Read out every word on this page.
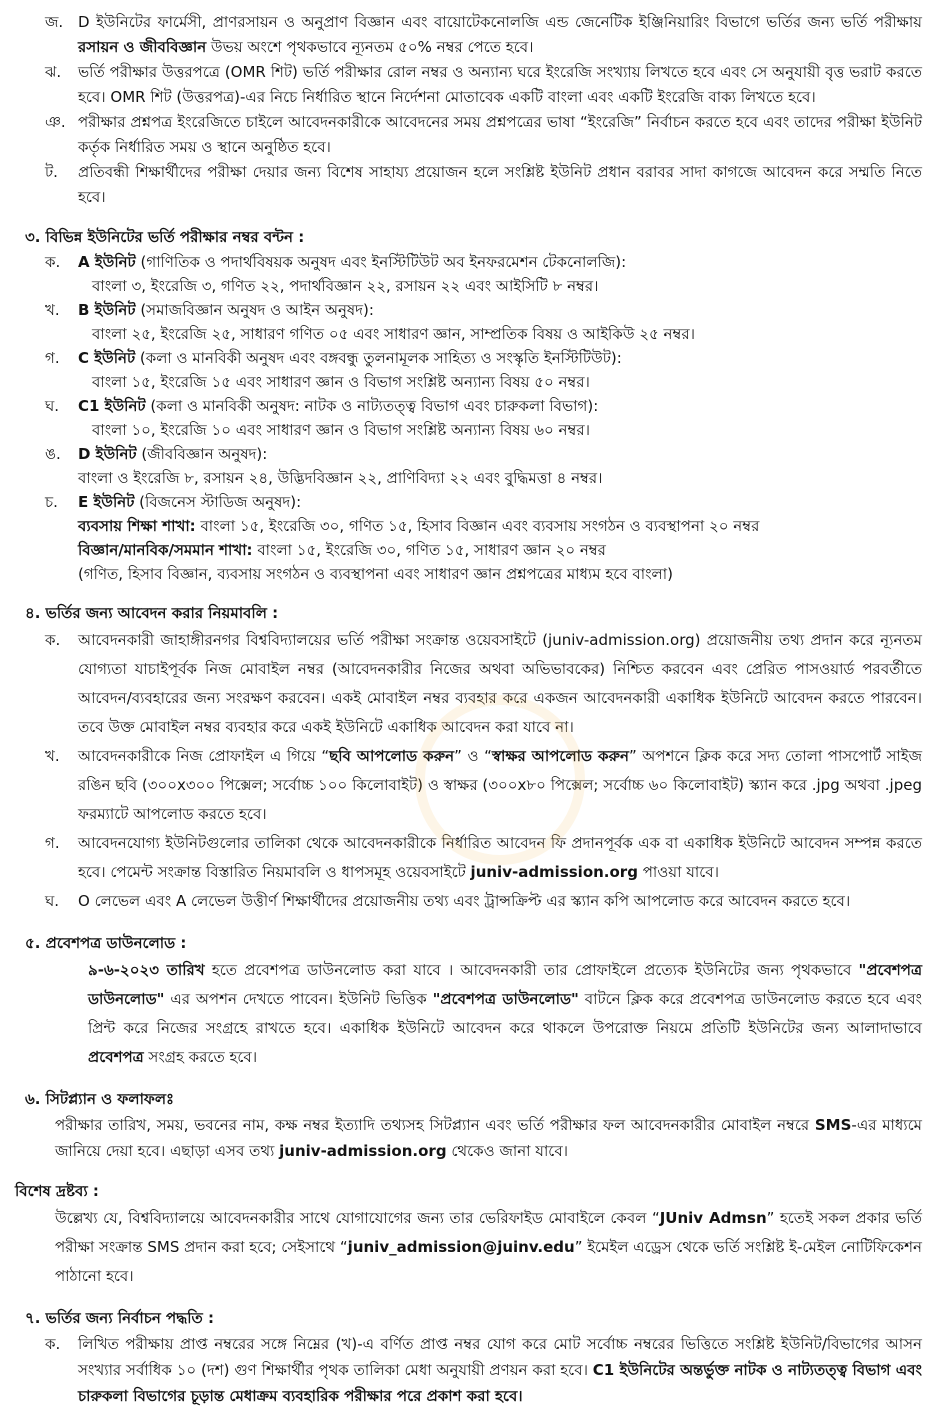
জ. D ইউনিটের ফার্মেসী, প্রাণরসায়ন ও অনুপ্রাণ বিজ্ঞান এবং বায়োটেকনোলজি এন্ড জেনেটিক ইঞ্জিনিয়ারিং বিভাগে ভর্তির জন্য ভর্তি পরীক্ষায় রসায়ন ও জীববিজ্ঞান উভয় অংশে পৃথকভাবে ন্যূনতম ৫০% নম্বর পেতে হবে।
ঝ.	ভর্তি পরীক্ষার উত্তরপত্রে (OMR শিট) ভর্তি পরীক্ষার রোল নম্বর ও অন্যান্য ঘরে ইংরেজি সংখ্যায় লিখতে হবে এবং সে অনুযায়ী বৃত্ত ভরাট করতে হবে। OMR শিট (উত্তরপত্র)-এর নিচে নির্ধারিত স্থানে নির্দেশনা মোতাবেক একটি বাংলা এবং একটি ইংরেজি বাক্য লিখতে হবে।
ঞ. পরীক্ষার প্রশ্নপত্র ইংরেজিতে চাইলে আবেদনকারীকে আবেদনের সময় প্রশ্নপত্রের ভাষা “ইংরেজি” নির্বাচন করতে হবে এবং তাদের পরীক্ষা ইউনিট কর্তৃক নির্ধারিত সময় ও স্থানে অনুষ্ঠিত হবে।
ট.	প্রতিবন্ধী শিক্ষার্থীদের পরীক্ষা দেয়ার জন্য বিশেষ সাহায্য প্রয়োজন হলে সংশ্লিষ্ট ইউনিট প্রধান বরাবর সাদা কাগজে আবেদন করে সম্মতি নিতে হবে।
৩. বিভিন্ন ইউনিটের ভর্তি পরীক্ষার নম্বর বন্টন :
ক.	A ইউনিট (গাণিতিক ও পদার্থবিষয়ক অনুষদ এবং ইনস্টিটিউট অব ইনফরমেশন টেকনোলজি):
বাংলা ৩, ইংরেজি ৩, গণিত ২২, পদার্থবিজ্ঞান ২২, রসায়ন ২২ এবং আইসিটি ৮ নম্বর।
খ.	B ইউনিট (সমাজবিজ্ঞান অনুষদ ও আইন অনুষদ):
বাংলা ২৫, ইংরেজি ২৫, সাধারণ গণিত ০৫ এবং সাধারণ জ্ঞান, সাম্প্রতিক বিষয় ও আইকিউ ২৫ নম্বর।
গ.	C ইউনিট (কলা ও মানবিকী অনুষদ এবং বঙ্গবন্ধু তুলনামূলক সাহিত্য ও সংস্কৃতি ইনস্টিটিউট):
বাংলা ১৫, ইংরেজি ১৫ এবং সাধারণ জ্ঞান ও বিভাগ সংশ্লিষ্ট অন্যান্য বিষয় ৫০ নম্বর।
ঘ.	C1 ইউনিট (কলা ও মানবিকী অনুষদ: নাটক ও নাট্যতত্ত্ব বিভাগ এবং চারুকলা বিভাগ):
বাংলা ১০, ইংরেজি ১০ এবং সাধারণ জ্ঞান ও বিভাগ সংশ্লিষ্ট অন্যান্য বিষয় ৬০ নম্বর।
ঙ.	D ইউনিট (জীববিজ্ঞান অনুষদ):
বাংলা ও ইংরেজি ৮, রসায়ন ২৪, উদ্ভিদবিজ্ঞান ২২, প্রাণিবিদ্যা ২২ এবং বুদ্ধিমত্তা ৪ নম্বর।
চ.	E ইউনিট (বিজনেস স্টাডিজ অনুষদ):
ব্যবসায় শিক্ষা শাখা: বাংলা ১৫, ইংরেজি ৩০, গণিত ১৫, হিসাব বিজ্ঞান এবং ব্যবসায় সংগঠন ও ব্যবস্থাপনা ২০ নম্বর
বিজ্ঞান/মানবিক/সমমান শাখা: বাংলা ১৫, ইংরেজি ৩০, গণিত ১৫, সাধারণ জ্ঞান ২০ নম্বর
(গণিত, হিসাব বিজ্ঞান, ব্যবসায় সংগঠন ও ব্যবস্থাপনা এবং সাধারণ জ্ঞান প্রশ্নপত্রের মাধ্যম হবে বাংলা)
৪. ভর্তির জন্য আবেদন করার নিয়মাবলি :
ক.	আবেদনকারী জাহাঙ্গীরনগর বিশ্ববিদ্যালয়ের ভর্তি পরীক্ষা সংক্রান্ত ওয়েবসাইটে (juniv-admission.org) প্রয়োজনীয় তথ্য প্রদান করে ন্যূনতম যোগ্যতা যাচাইপূর্বক নিজ মোবাইল নম্বর (আবেদনকারীর নিজের অথবা অভিভাবকের) নিশ্চিত করবেন এবং প্রেরিত পাসওয়ার্ড পরবর্তীতে আবেদন/ব্যবহারের জন্য সংরক্ষণ করবেন। একই মোবাইল নম্বর ব্যবহার করে একজন আবেদনকারী একাধিক ইউনিটে আবেদন করতে পারবেন। তবে উক্ত মোবাইল নম্বর ব্যবহার করে একই ইউনিটে একাধিক আবেদন করা যাবে না।
খ.	আবেদনকারীকে নিজ প্রোফাইল এ গিয়ে “ছবি আপলোড করুন” ও “স্বাক্ষর আপলোড করুন” অপশনে ক্লিক করে সদ্য তোলা পাসপোর্ট সাইজ রঙিন ছবি (৩০০x৩০০ পিক্সেল; সর্বোচ্চ ১০০ কিলোবাইট) ও স্বাক্ষর (৩০০x৮০ পিক্সেল; সর্বোচ্চ ৬০ কিলোবাইট) স্ক্যান করে .jpg অথবা .jpeg ফরম্যাটে আপলোড করতে হবে।
গ.	আবেদনযোগ্য ইউনিটগুলোর তালিকা থেকে আবেদনকারীকে নির্ধারিত আবেদন ফি প্রদানপূর্বক এক বা একাধিক ইউনিটে আবেদন সম্পন্ন করতে হবে। পেমেন্ট সংক্রান্ত বিস্তারিত নিয়মাবলি ও ধাপসমূহ ওয়েবসাইটে juniv-admission.org পাওয়া যাবে।
ঘ.	O লেভেল এবং A লেভেল উত্তীর্ণ শিক্ষার্থীদের প্রয়োজনীয় তথ্য এবং ট্রান্সক্রিপ্ট এর স্ক্যান কপি আপলোড করে আবেদন করতে হবে।
৫. প্রবেশপত্র ডাউনলোড :
৯-৬-২০২৩ তারিখ হতে প্রবেশপত্র ডাউনলোড করা যাবে । আবেদনকারী তার প্রোফাইলে প্রত্যেক ইউনিটের জন্য পৃথকভাবে "প্রবেশপত্র ডাউনলোড" এর অপশন দেখতে পাবেন। ইউনিট ভিত্তিক "প্রবেশপত্র ডাউনলোড" বাটনে ক্লিক করে প্রবেশপত্র ডাউনলোড করতে হবে এবং প্রিন্ট করে নিজের সংগ্রহে রাখতে হবে। একাধিক ইউনিটে আবেদন করে থাকলে উপরোক্ত নিয়মে প্রতিটি ইউনিটের জন্য আলাদাভাবে প্রবেশপত্র সংগ্রহ করতে হবে।
৬. সিটপ্ল্যান ও ফলাফলঃ
পরীক্ষার তারিখ, সময়, ভবনের নাম, কক্ষ নম্বর ইত্যাদি তথ্যসহ সিটপ্ল্যান এবং ভর্তি পরীক্ষার ফল আবেদনকারীর মোবাইল নম্বরে SMS-এর মাধ্যমে জানিয়ে দেয়া হবে। এছাড়া এসব তথ্য juniv-admission.org থেকেও জানা যাবে।
বিশেষ দ্রষ্টব্য :
উল্লেখ্য যে, বিশ্ববিদ্যালয়ে আবেদনকারীর সাথে যোগাযোগের জন্য তার ভেরিফাইড মোবাইলে কেবল “JUniv Admsn” হতেই সকল প্রকার ভর্তি পরীক্ষা সংক্রান্ত SMS প্রদান করা হবে; সেইসাথে “juniv_admission@juinv.edu” ইমেইল এড্রেস থেকে ভর্তি সংশ্লিষ্ট ই-মেইল নোটিফিকেশন পাঠানো হবে।
৭. ভর্তির জন্য নির্বাচন পদ্ধতি :
ক.	লিখিত পরীক্ষায় প্রাপ্ত নম্বরের সঙ্গে নিম্নের (খ)-এ বর্ণিত প্রাপ্ত নম্বর যোগ করে মোট সর্বোচ্চ নম্বরের ভিত্তিতে সংশ্লিষ্ট ইউনিট/বিভাগের আসন সংখ্যার সর্বাধিক ১০ (দশ) গুণ শিক্ষার্থীর পৃথক তালিকা মেধা অনুযায়ী প্রণয়ন করা হবে। C1 ইউনিটের অন্তর্ভুক্ত নাটক ও নাট্যতত্ত্ব বিভাগ এবং চারুকলা বিভাগের চূড়ান্ত মেধাক্রম ব্যবহারিক পরীক্ষার পরে প্রকাশ করা হবে।
